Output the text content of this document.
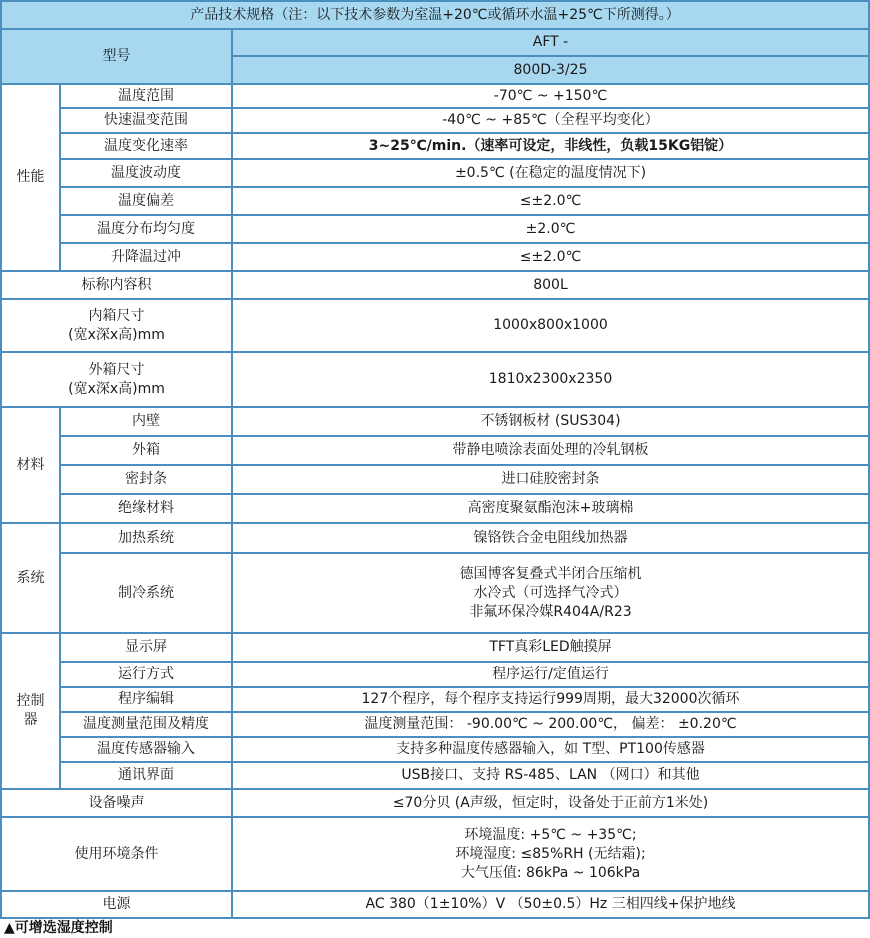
产品技术规格（注：以下技术参数为室温+20℃或循环水温+25℃下所测得。）		
型号		AFT -
		800D-3/25
性能	温度范围	-70℃ ~ +150℃
	快速温变范围	-40℃ ~ +85℃（全程平均变化）
	温度变化速率	3~25℃/min.（速率可设定，非线性，负载15KG铝锭）
	温度波动度	±0.5℃ (在稳定的温度情况下)
	温度偏差	≤±2.0℃
	温度分布均匀度	±2.0℃
	升降温过冲	≤±2.0℃
标称内容积		800L

内箱尺寸
(宽x深x高)mm		1000x800x1000

外箱尺寸
(宽x深x高)mm		1810x2300x2350
材料	内壁	不锈钢板材 (SUS304)
	外箱	带静电喷涂表面处理的冷轧钢板
	密封条	进口硅胶密封条
	绝缘材料	高密度聚氨酯泡沫+玻璃棉
系统	加热系统	镍铬铁合金电阻线加热器
	制冷系统	德国博客复叠式半闭合压缩机
水冷式（可选择气冷式）
非氟环保冷媒R404A/R23

控制
器	显示屏	TFT真彩LED触摸屏
	运行方式	程序运行/定值运行
	程序编辑	127个程序，每个程序支持运行999周期，最大32000次循环
	温度测量范围及精度	温度测量范围： -90.00℃ ~ 200.00℃， 偏差： ±0.20℃
	温度传感器输入	支持多种温度传感器输入，如 T型、PT100传感器
	通讯界面	USB接口、支持 RS-485、LAN （网口）和其他
设备噪声		≤70分贝 (A声级，恒定时，设备处于正前方1米处)
使用环境条件		环境温度: +5℃ ~ +35℃;
环境湿度: ≤85%RH (无结霜);
大气压值: 86kPa ~ 106kPa

电源		AC 380（1±10%）V （50±0.5）Hz 三相四线+保护地线
▲可增选湿度控制
